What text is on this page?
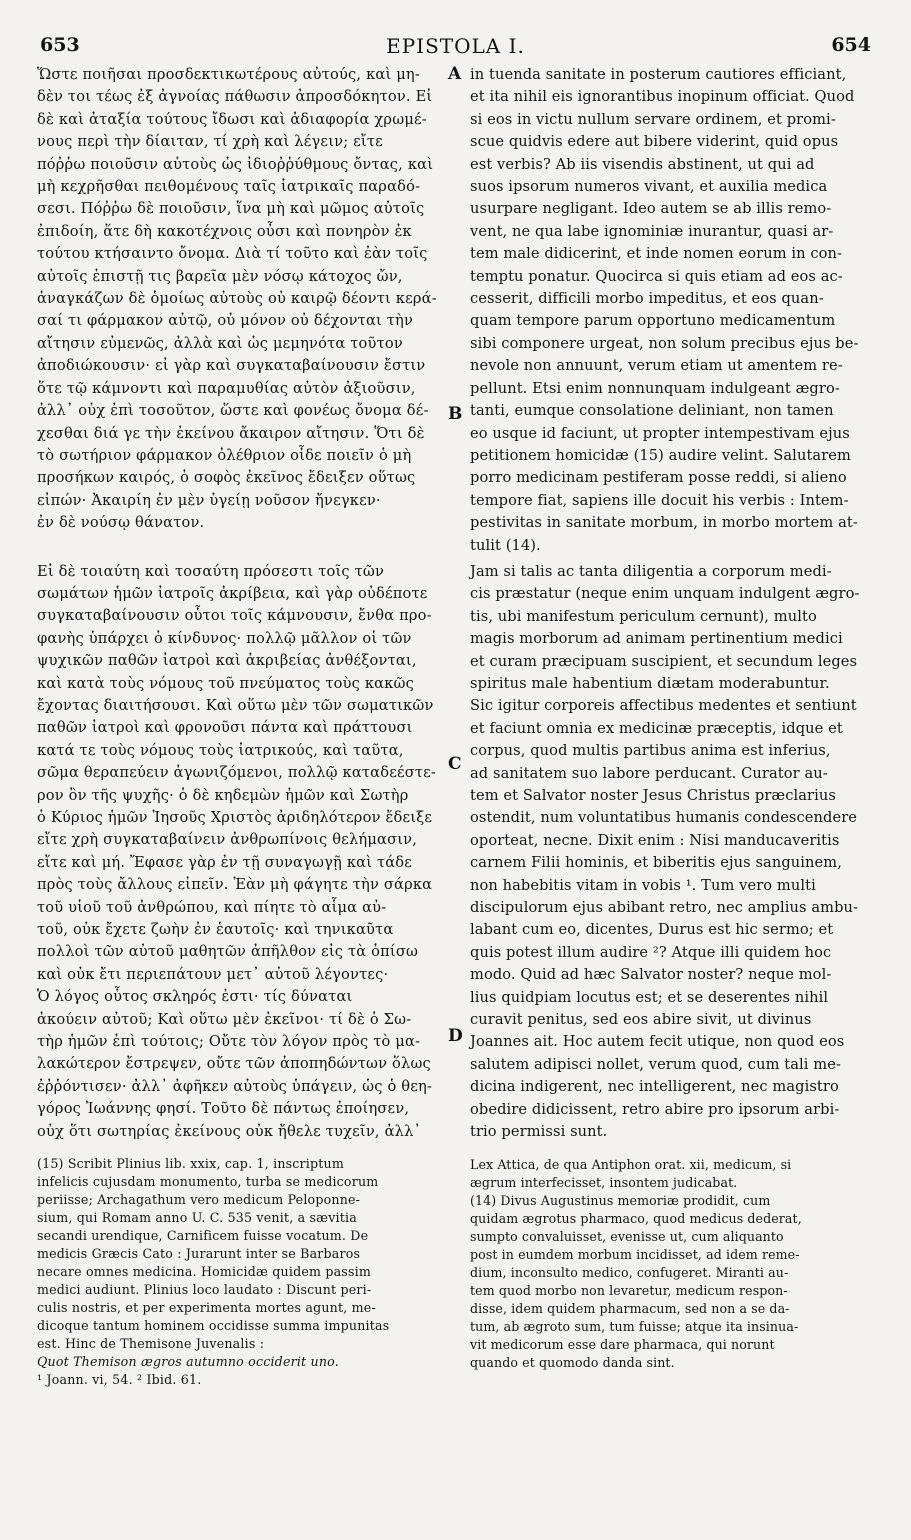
653	EPISTOLA I.	654

Ὥστε ποιῆσαι προσδεκτικωτέρους αὐτούς, καὶ μη-
δὲν τοι τέως ἐξ ἀγνοίας πάθωσιν ἀπροσδόκητον. Εἰ
δὲ καὶ ἀταξία τούτους ἴδωσι καὶ ἀδιαφορία χρωμέ-
νους περὶ τὴν δίαιταν, τί χρὴ καὶ λέγειν; εἴτε
πόῤῥω ποιοῦσιν αὐτοὺς ὡς ἰδιοῤῥύθμους ὄντας, καὶ
μὴ κεχρῆσθαι πειθομένους ταῖς ἰατρικαῖς παραδό-
σεσι. Πόῤῥω δὲ ποιοῦσιν, ἵνα μὴ καὶ μῶμος αὐτοῖς
ἐπιδοίη, ἅτε δὴ κακοτέχνοις οὖσι καὶ πονηρὸν ἐκ
τούτου κτήσαιντο ὄνομα. Διὰ τί τοῦτο καὶ ἐὰν τοῖς
αὐτοῖς ἐπιστῇ τις βαρεῖα μὲν νόσῳ κάτοχος ὤν,
ἀναγκάζων δὲ ὁμοίως αὐτοὺς οὐ καιρῷ δέοντι κερά-
σαί τι φάρμακον αὐτῷ, οὐ μόνον οὐ δέχονται τὴν
αἴτησιν εὐμενῶς, ἀλλὰ καὶ ὡς μεμηνότα τοῦτον
ἀποδιώκουσιν· εἰ γὰρ καὶ συγκαταβαίνουσιν ἔστιν
ὅτε τῷ κάμνοντι καὶ παραμυθίας αὐτὸν ἀξιοῦσιν,
ἀλλ᾽ οὐχ ἐπὶ τοσοῦτον, ὥστε καὶ φονέως ὄνομα δέ-
χεσθαι διά γε τὴν ἐκείνου ἄκαιρον αἴτησιν. Ὅτι δὲ
τὸ σωτήριον φάρμακον ὀλέθριον οἶδε ποιεῖν ὁ μὴ
προσήκων καιρός, ὁ σοφὸς ἐκεῖνος ἔδειξεν οὕτως
εἰπών· Ἀκαιρίη ἐν μὲν ὑγείῃ νοῦσον ἤνεγκεν·
ἐν δὲ νούσῳ θάνατον.

Εἰ δὲ τοιαύτη καὶ τοσαύτη πρόσεστι τοῖς τῶν
σωμάτων ἡμῶν ἰατροῖς ἀκρίβεια, καὶ γὰρ οὐδέποτε
συγκαταβαίνουσιν οὗτοι τοῖς κάμνουσιν, ἔνθα προ-
φανὴς ὑπάρχει ὁ κίνδυνος· πολλῷ μᾶλλον οἱ τῶν
ψυχικῶν παθῶν ἰατροὶ καὶ ἀκριβείας ἀνθέξονται,
καὶ κατὰ τοὺς νόμους τοῦ πνεύματος τοὺς κακῶς
ἔχοντας διαιτήσουσι. Καὶ οὕτω μὲν τῶν σωματικῶν
παθῶν ἰατροὶ καὶ φρονοῦσι πάντα καὶ πράττουσι
κατά τε τοὺς νόμους τοὺς ἰατρικούς, καὶ ταῦτα,
σῶμα θεραπεύειν ἀγωνιζόμενοι, πολλῷ καταδεέστε-
ρον ὂν τῆς ψυχῆς· ὁ δὲ κηδεμὼν ἡμῶν καὶ Σωτὴρ
ὁ Κύριος ἡμῶν Ἰησοῦς Χριστὸς ἀριδηλότερον ἔδειξε
εἴτε χρὴ συγκαταβαίνειν ἀνθρωπίνοις θελήμασιν,
εἴτε καὶ μή. Ἔφασε γὰρ ἐν τῇ συναγωγῇ καὶ τάδε
πρὸς τοὺς ἄλλους εἰπεῖν. Ἐὰν μὴ φάγητε τὴν σάρκα
τοῦ υἱοῦ τοῦ ἀνθρώπου, καὶ πίητε τὸ αἷμα αὐ-
τοῦ, οὐκ ἔχετε ζωὴν ἐν ἑαυτοῖς· καὶ τηνικαῦτα
πολλοὶ τῶν αὐτοῦ μαθητῶν ἀπῆλθον εἰς τὰ ὀπίσω
καὶ οὐκ ἔτι περιεπάτουν μετ᾽ αὐτοῦ λέγοντες·
Ὁ λόγος οὗτος σκληρός ἐστι· τίς δύναται
ἀκούειν αὐτοῦ; Καὶ οὕτω μὲν ἐκεῖνοι· τί δὲ ὁ Σω-
τὴρ ἡμῶν ἐπὶ τούτοις; Οὔτε τὸν λόγον πρὸς τὸ μα-
λακώτερον ἔστρεψεν, οὔτε τῶν ἀποπηδώντων ὅλως
ἐῤῥόντισεν· ἀλλ᾽ ἀφῆκεν αὐτοὺς ὑπάγειν, ὡς ὁ θεη-
γόρος Ἰωάννης φησί. Τοῦτο δὲ πάντως ἐποίησεν,
οὐχ ὅτι σωτηρίας ἐκείνους οὐκ ἤθελε τυχεῖν, ἀλλ᾽

(15) Scribit Plinius lib. xxix, cap. 1, inscriptum
infelicis cujusdam monumento, turba se medicorum
periisse; Archagathum vero medicum Peloponne-
sium, qui Romam anno U. C. 535 venit, a sævitia
secandi urendique, Carnificem fuisse vocatum. De
medicis Græcis Cato : Jurarunt inter se Barbaros
necare omnes medicina. Homicidæ quidem passim
medici audiunt. Plinius loco laudato : Discunt peri-
culis nostris, et per experimenta mortes agunt, me-
dicoque tantum hominem occidisse summa impunitas
est. Hinc de Themisone Juvenalis :

Quot Themison ægros autumno occiderit uno.

¹ Joann. vi, 54. ² Ibid. 61.

A
B
C
D

in tuenda sanitate in posterum cautiores efficiant,
et ita nihil eis ignorantibus inopinum officiat. Quod
si eos in victu nullum servare ordinem, et promi-
scue quidvis edere aut bibere viderint, quid opus
est verbis? Ab iis visendis abstinent, ut qui ad
suos ipsorum numeros vivant, et auxilia medica
usurpare negligant. Ideo autem se ab illis remo-
vent, ne qua labe ignominiæ inurantur, quasi ar-
tem male didicerint, et inde nomen eorum in con-
temptu ponatur. Quocirca si quis etiam ad eos ac-
cesserit, difficili morbo impeditus, et eos quan-
quam tempore parum opportuno medicamentum
sibi componere urgeat, non solum precibus ejus be-
nevole non annuunt, verum etiam ut amentem re-
pellunt. Etsi enim nonnunquam indulgeant ægro-
tanti, eumque consolatione deliniant, non tamen
eo usque id faciunt, ut propter intempestivam ejus
petitionem homicidæ (15) audire velint. Salutarem
porro medicinam pestiferam posse reddi, si alieno
tempore fiat, sapiens ille docuit his verbis : Intem-
pestivitas in sanitate morbum, in morbo mortem at-
tulit (14).

Jam si talis ac tanta diligentia a corporum medi-
cis præstatur (neque enim unquam indulgent ægro-
tis, ubi manifestum periculum cernunt), multo
magis morborum ad animam pertinentium medici
et curam præcipuam suscipient, et secundum leges
spiritus male habentium diætam moderabuntur.
Sic igitur corporeis affectibus medentes et sentiunt
et faciunt omnia ex medicinæ præceptis, idque et
corpus, quod multis partibus anima est inferius,
ad sanitatem suo labore perducant. Curator au-
tem et Salvator noster Jesus Christus præclarius
ostendit, num voluntatibus humanis condescendere
oporteat, necne. Dixit enim : Nisi manducaveritis
carnem Filii hominis, et biberitis ejus sanguinem,
non habebitis vitam in vobis ¹. Tum vero multi
discipulorum ejus abibant retro, nec amplius ambu-
labant cum eo, dicentes, Durus est hic sermo; et
quis potest illum audire ²? Atque illi quidem hoc
modo. Quid ad hæc Salvator noster? neque mol-
lius quidpiam locutus est; et se deserentes nihil
curavit penitus, sed eos abire sivit, ut divinus
Joannes ait. Hoc autem fecit utique, non quod eos
salutem adipisci nollet, verum quod, cum tali me-
dicina indigerent, nec intelligerent, nec magistro
obedire didicissent, retro abire pro ipsorum arbi-
trio permissi sunt.

Lex Attica, de qua Antiphon orat. xii, medicum, si
ægrum interfecisset, insontem judicabat.

(14) Divus Augustinus memoriæ prodidit, cum
quidam ægrotus pharmaco, quod medicus dederat,
sumpto convaluisset, evenisse ut, cum aliquanto
post in eumdem morbum incidisset, ad idem reme-
dium, inconsulto medico, confugeret. Miranti au-
tem quod morbo non levaretur, medicum respon-
disse, idem quidem pharmacum, sed non a se da-
tum, ab ægroto sum, tum fuisse; atque ita insinua-
vit medicorum esse dare pharmaca, qui norunt
quando et quomodo danda sint.
